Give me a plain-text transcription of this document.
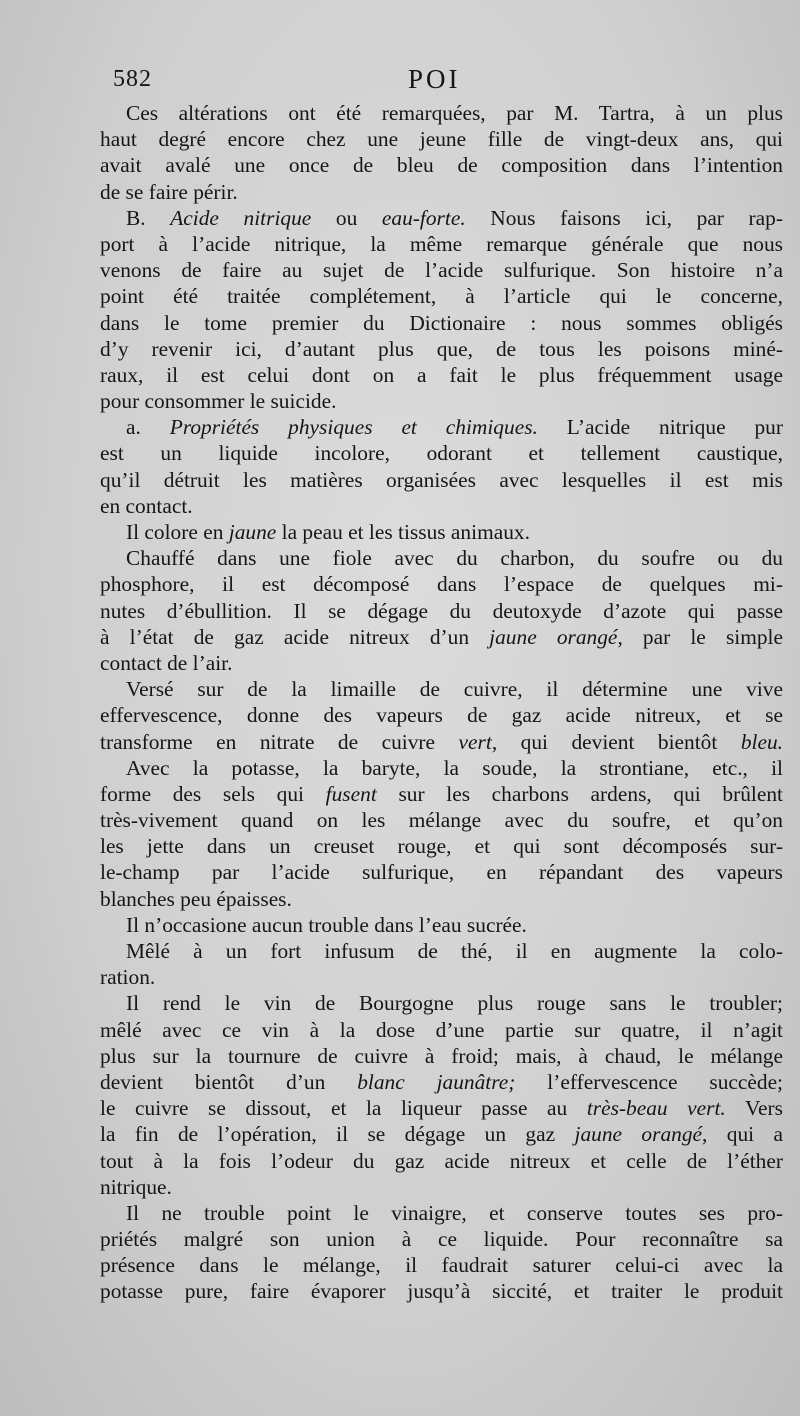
582	POI
Ces altérations ont été remarquées, par M. Tartra, à un plus
haut degré encore chez une jeune fille de vingt-deux ans, qui
avait avalé une once de bleu de composition dans l’intention
de se faire périr.
B. Acide nitrique ou eau-forte. Nous faisons ici, par rap-
port à l’acide nitrique, la même remarque générale que nous
venons de faire au sujet de l’acide sulfurique. Son histoire n’a
point été traitée complétement, à l’article qui le concerne,
dans le tome premier du Dictionaire : nous sommes obligés
d’y revenir ici, d’autant plus que, de tous les poisons miné-
raux, il est celui dont on a fait le plus fréquemment usage
pour consommer le suicide.
a. Propriétés physiques et chimiques. L’acide nitrique pur
est un liquide incolore, odorant et tellement caustique,
qu’il détruit les matières organisées avec lesquelles il est mis
en contact.
Il colore en jaune la peau et les tissus animaux.
Chauffé dans une fiole avec du charbon, du soufre ou du
phosphore, il est décomposé dans l’espace de quelques mi-
nutes d’ébullition. Il se dégage du deutoxyde d’azote qui passe
à l’état de gaz acide nitreux d’un jaune orangé, par le simple
contact de l’air.
Versé sur de la limaille de cuivre, il détermine une vive
effervescence, donne des vapeurs de gaz acide nitreux, et se
transforme en nitrate de cuivre vert, qui devient bientôt bleu.
Avec la potasse, la baryte, la soude, la strontiane, etc., il
forme des sels qui fusent sur les charbons ardens, qui brûlent
très-vivement quand on les mélange avec du soufre, et qu’on
les jette dans un creuset rouge, et qui sont décomposés sur-
le-champ par l’acide sulfurique, en répandant des vapeurs
blanches peu épaisses.
Il n’occasione aucun trouble dans l’eau sucrée.
Mêlé à un fort infusum de thé, il en augmente la colo-
ration.
Il rend le vin de Bourgogne plus rouge sans le troubler;
mêlé avec ce vin à la dose d’une partie sur quatre, il n’agit
plus sur la tournure de cuivre à froid; mais, à chaud, le mélange
devient bientôt d’un blanc jaunâtre; l’effervescence succède;
le cuivre se dissout, et la liqueur passe au très-beau vert. Vers
la fin de l’opération, il se dégage un gaz jaune orangé, qui a
tout à la fois l’odeur du gaz acide nitreux et celle de l’éther
nitrique.
Il ne trouble point le vinaigre, et conserve toutes ses pro-
priétés malgré son union à ce liquide. Pour reconnaître sa
présence dans le mélange, il faudrait saturer celui-ci avec la
potasse pure, faire évaporer jusqu’à siccité, et traiter le produit
